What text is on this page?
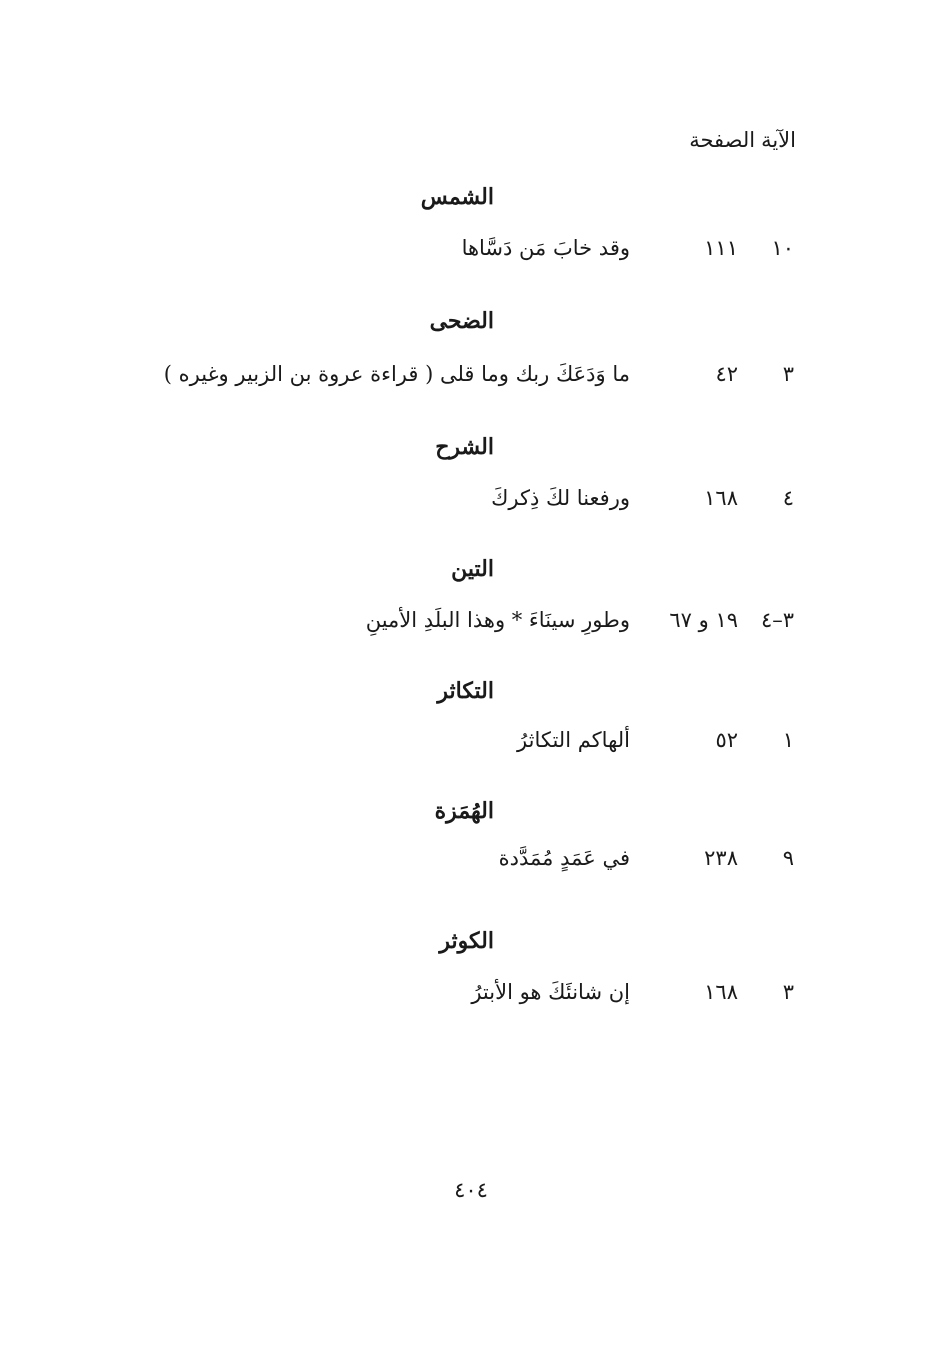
الآيةالصفحة
الشمس
١٠
١١١
وقد خابَ مَن دَسَّاها
الضحى
٣
٤٢
ما وَدَعَكَ ربك وما قلى ( قراءة عروة بن الزبير وغيره )
الشرح
٤
١٦٨
ورفعنا لكَ ذِكركَ
التين
٣–٤
١٩ و ٦٧
وطورِ سينَاءَ * وهذا البلَدِ الأمينِ
التكاثر
١
٥٢
ألهاكم التكاثرُ
الهُمَزة
٩
٢٣٨
في عَمَدٍ مُمَدَّدة
الكوثر
٣
١٦٨
إن شانئَكَ هو الأبترُ
٤٠٤
